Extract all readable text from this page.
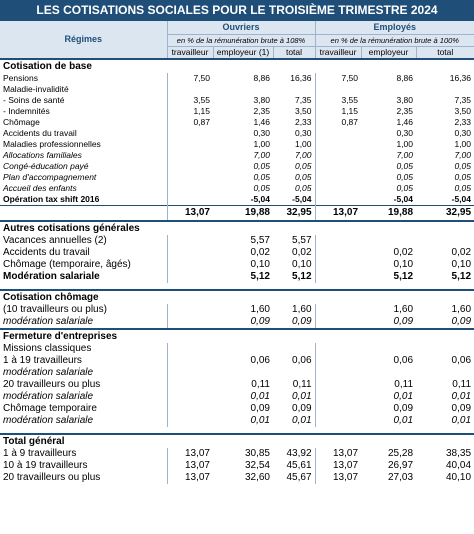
LES COTISATIONS SOCIALES POUR LE TROISIÈME TRIMESTRE 2024
Régimes	Ouvriers			Employés		
	en % de la rémunération brute à 108%			en % de la rémunération brute à 100%		
	travailleur	employeur (1)	total	travailleur	employeur	total
Cotisation de base						
Pensions	7,50	8,86	16,36	7,50	8,86	16,36
Maladie-invalidité						
- Soins de santé	3,55	3,80	7,35	3,55	3,80	7,35
- Indemnités	1,15	2,35	3,50	1,15	2,35	3,50
Chômage	0,87	1,46	2,33	0,87	1,46	2,33
Accidents du travail		0,30	0,30		0,30	0,30
Maladies professionnelles		1,00	1,00		1,00	1,00

Allocations familiales		7,00	7,00		7,00	7,00
Congé-éducation payé		0,05	0,05		0,05	0,05
Plan d'accompagnement		0,05	0,05		0,05	0,05
Accueil des enfants		0,05	0,05		0,05	0,05

Opération tax shift 2016		-5,04	-5,04		-5,04	-5,04
	13,07	19,88	32,95	13,07	19,88	32,95
Autres cotisations générales						
Vacances annuelles (2)		5,57	5,57			
Accidents du travail		0,02	0,02		0,02	0,02
Chômage (temporaire, âgés)		0,10	0,10		0,10	0,10
Modération salariale		5,12	5,12		5,12	5,12

Cotisation chômage						
(10 travailleurs ou plus)		1,60	1,60		1,60	1,60
modération salariale		0,09	0,09		0,09	0,09
Fermeture d'entreprises						
Missions classiques						
1 à 19 travailleurs		0,06	0,06		0,06	0,06
modération salariale						
20 travailleurs ou plus		0,11	0,11		0,11	0,11
modération salariale		0,01	0,01		0,01	0,01
Chômage temporaire		0,09	0,09		0,09	0,09
modération salariale		0,01	0,01		0,01	0,01

Total général						
1 à 9 travailleurs	13,07	30,85	43,92	13,07	25,28	38,35
10 à 19 travailleurs	13,07	32,54	45,61	13,07	26,97	40,04
20 travailleurs ou plus	13,07	32,60	45,67	13,07	27,03	40,10
